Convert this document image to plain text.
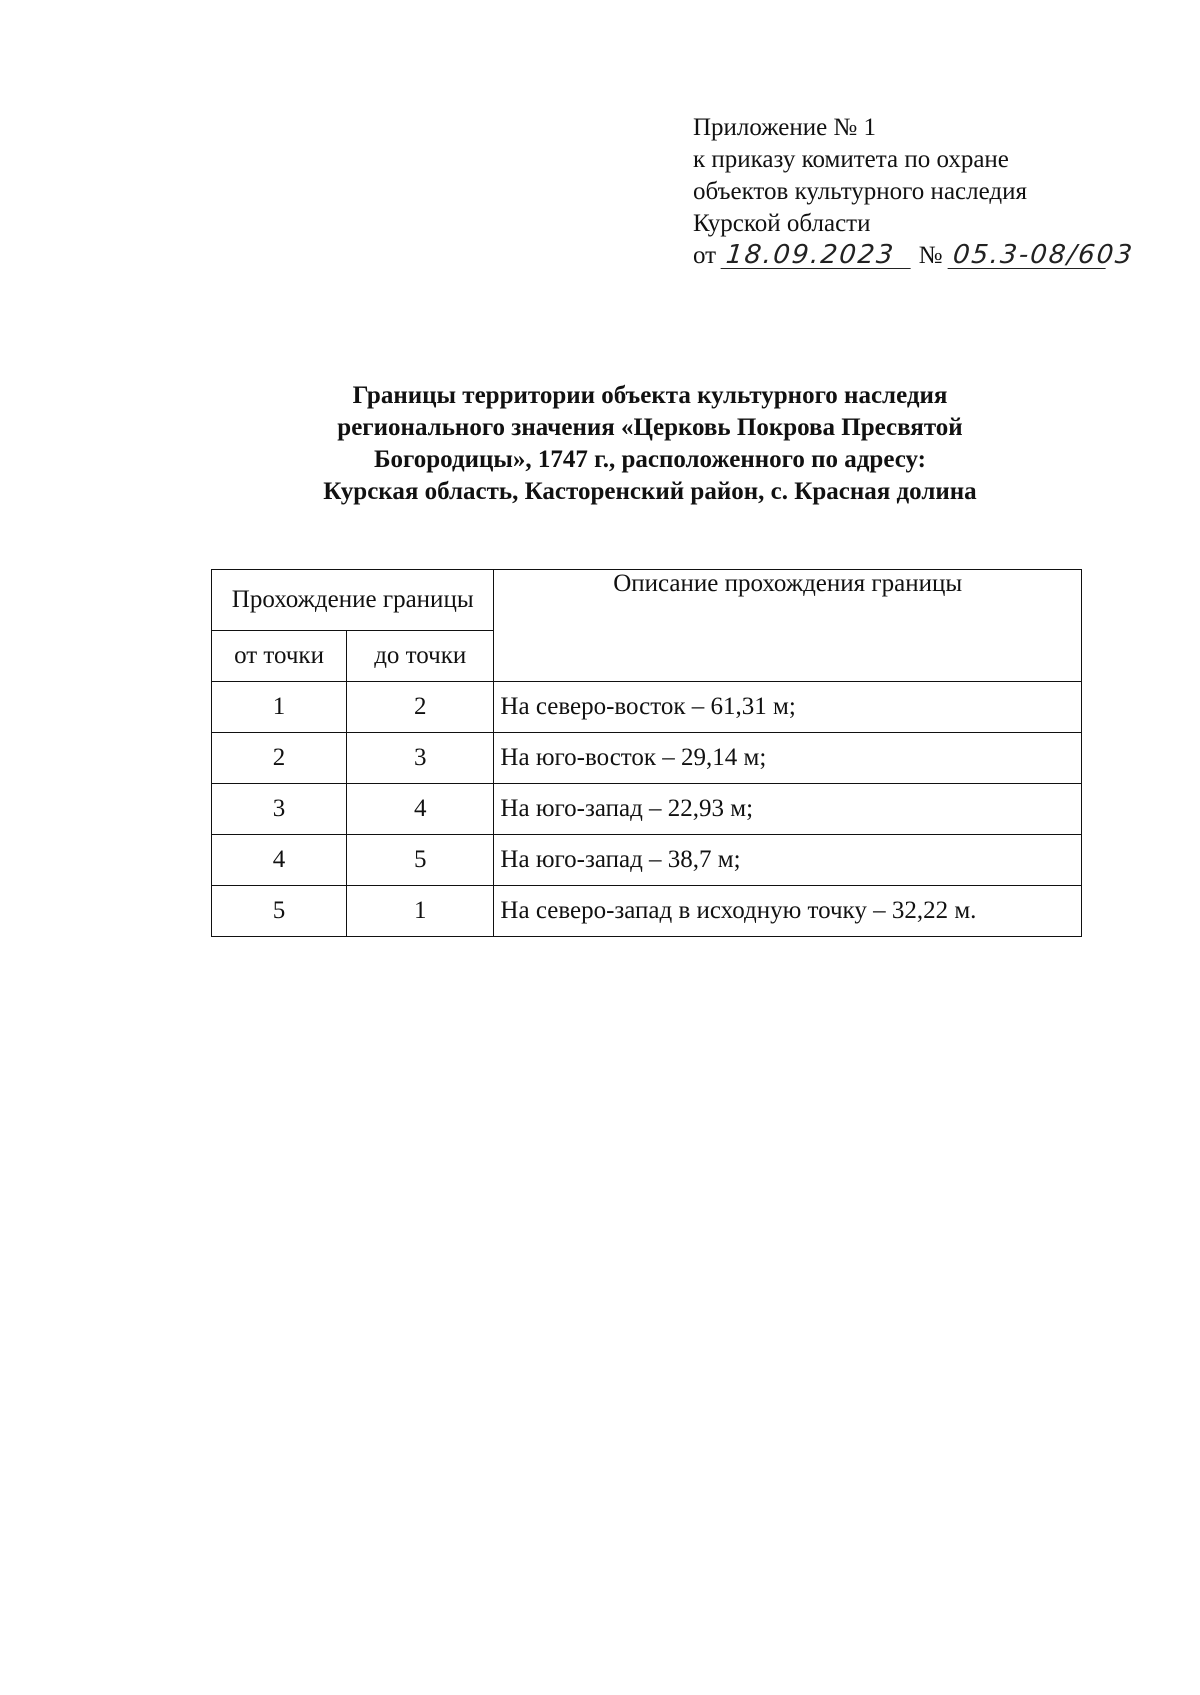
Приложение № 1
к приказу комитета по охране
объектов культурного наследия
Курской области
от 18.09.2023 № 05.3-08/603
Границы территории объекта культурного наследия
регионального значения «Церковь Покрова Пресвятой
Богородицы», 1747 г., расположенного по адресу:
Курская область, Касторенский район, с. Красная долина
Прохождение границы		Описание прохождения границы
от точки	до точки	
1	2	На северо-восток – 61,31 м;
2	3	На юго-восток – 29,14 м;
3	4	На юго-запад – 22,93 м;
4	5	На юго-запад – 38,7 м;
5	1	На северо-запад в исходную точку – 32,22 м.
